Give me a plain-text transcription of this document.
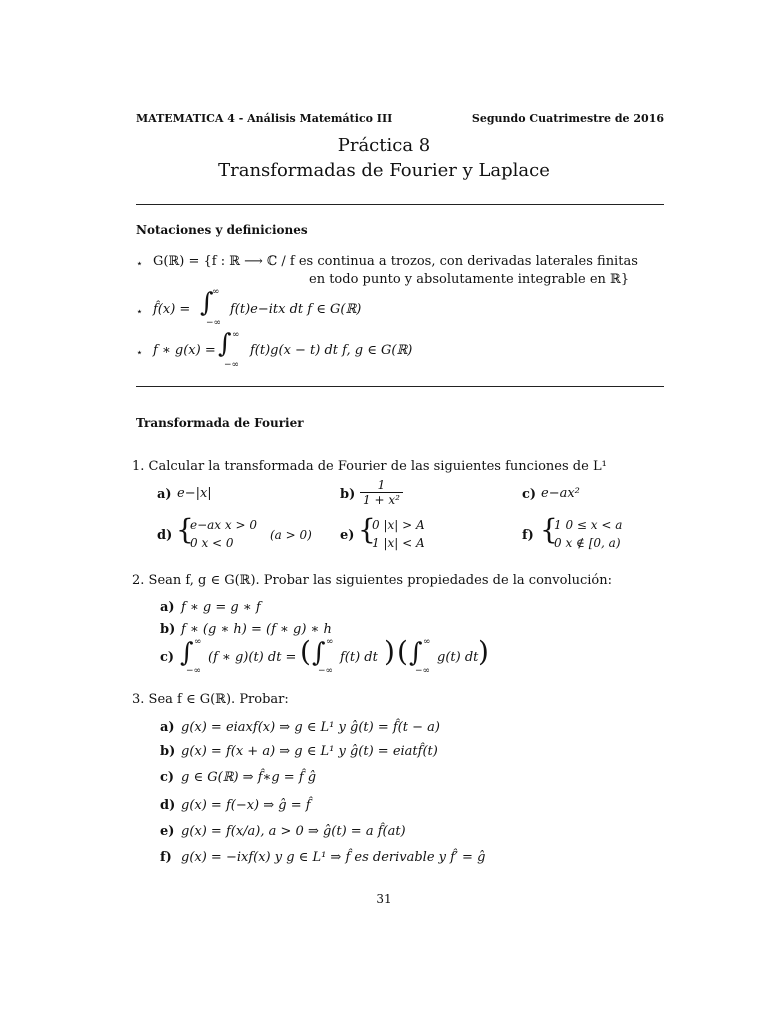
MATEMATICA 4 - Análisis Matemático III	Segundo Cuatrimestre de 2016
Práctica 8
Transformadas de Fourier y Laplace
Notaciones y definiciones
⋆ G(ℝ) = {f : ℝ ⟶ ℂ / f es continua a trozos, con derivadas laterales finitas
en todo punto y absolutamente integrable en ℝ}
⋆ f̂(x) = ∫
∞
−∞
f(t)e−itx dt f ∈ G(ℝ)
⋆ f ∗ g(x) = ∫ ∞
−∞
f(t)g(x − t) dt f, g ∈ G(ℝ)
Transformada de Fourier
1. Calcular la transformada de Fourier de las siguientes funciones de L¹
a) e−|x|	$b) \frac{1}{\text{1 + x²}}$	c) e−ax²
d) {
e−ax x > 0
0 x < 0
(a > 0) e) {
0 |x| > A
1 |x| < A	f) {
1 0 ≤ x < a
0 x ∉ [0, a)
2. Sean f, g ∈ G(ℝ). Probar las siguientes propiedades de la convolución:
a) f ∗ g = g ∗ f
b) f ∗ (g ∗ h) = (f ∗ g) ∗ h
c) ∫ ∞
−∞
(f ∗ g)(t) dt = ( ∫ ∞
−∞
f(t) dt ) ( ∫ ∞
−∞
g(t) dt )
3. Sea f ∈ G(ℝ). Probar:
a) g(x) = eiaxf(x) ⇒ g ∈ L¹ y ĝ(t) = f̂(t − a)
b) g(x) = f(x + a) ⇒ g ∈ L¹ y ĝ(t) = eiatf̂(t)
c) g ∈ G(ℝ) ⇒ f̂∗g = f̂ ĝ
d) g(x) = f(−x) ⇒ ĝ = f̂
e) g(x) = f(x/a), a > 0 ⇒ ĝ(t) = a f̂(at)
f) g(x) = −ixf(x) y g ∈ L¹ ⇒ f̂ es derivable y f̂′ = ĝ
31
